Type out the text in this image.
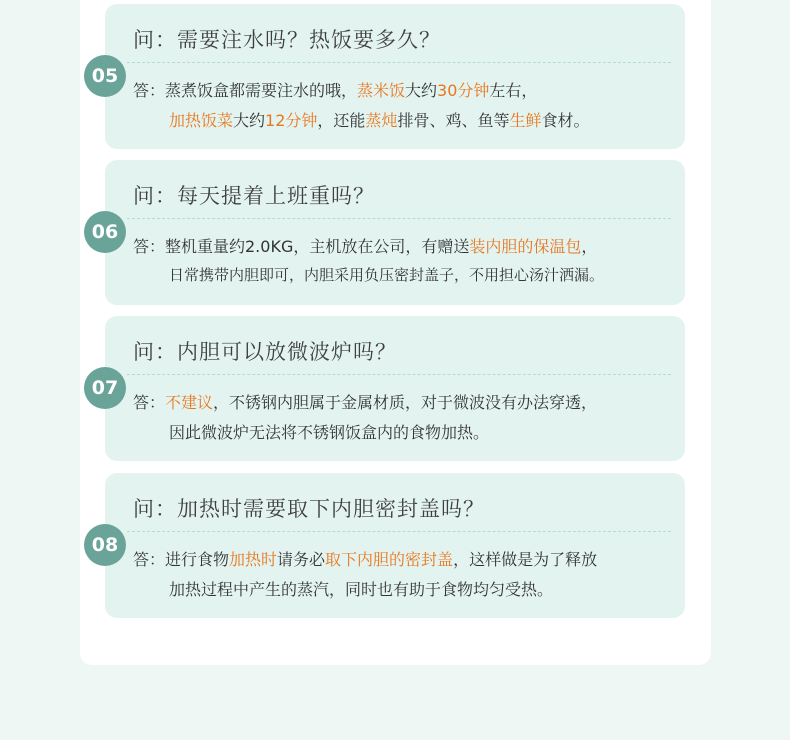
05
问：需要注水吗？热饭要多久？
答：蒸煮饭盒都需要注水的哦，蒸米饭大约30分钟左右，
加热饭菜大约12分钟，还能蒸炖排骨、鸡、鱼等生鲜食材。
06
问：每天提着上班重吗？
答：整机重量约2.0KG，主机放在公司，有赠送装内胆的保温包，
日常携带内胆即可，内胆采用负压密封盖子，不用担心汤汁洒漏。
07
问：内胆可以放微波炉吗？
答：不建议，不锈钢内胆属于金属材质，对于微波没有办法穿透，
因此微波炉无法将不锈钢饭盒内的食物加热。
08
问：加热时需要取下内胆密封盖吗？
答：进行食物加热时请务必取下内胆的密封盖，这样做是为了释放
加热过程中产生的蒸汽，同时也有助于食物均匀受热。
